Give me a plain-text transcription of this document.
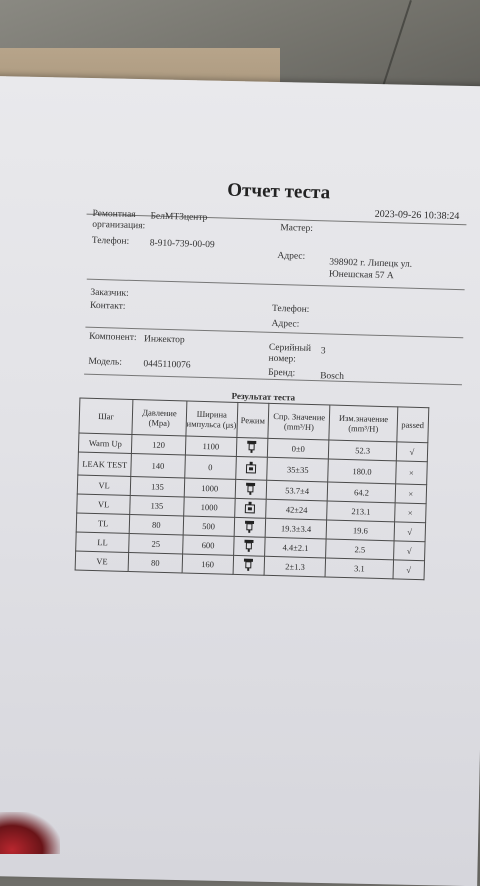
Отчет теста
2023-09-26 10:38:24
Ремонтная организация:
БелМТЗцентр
Телефон: 8-910-739-00-09
Мастер:
Адрес:
398902 г. Липецк ул.
Юнешская 57 А
Заказчик:
Контакт:	Телефон:
Адрес:
Компонент: Инжектор
Модель: 0445110076
Серийный
номер:
3
Бренд:	Bosch
Результат теста
Шаг	Давление (Mpa)	Ширина импульса (μs)	Режим	Спр. Значение (mm³/H)	Изм.значение (mm³/H)	passed
Warm Up	120	1100		0±0	52.3	√
LEAK TEST	140	0		35±35	180.0	×
VL	135	1000		53.7±4	64.2	×
VL	135	1000		42±24	213.1	×
TL	80	500		19.3±3.4	19.6	√
LL	25	600		4.4±2.1	2.5	√
VE	80	160		2±1.3	3.1	√
